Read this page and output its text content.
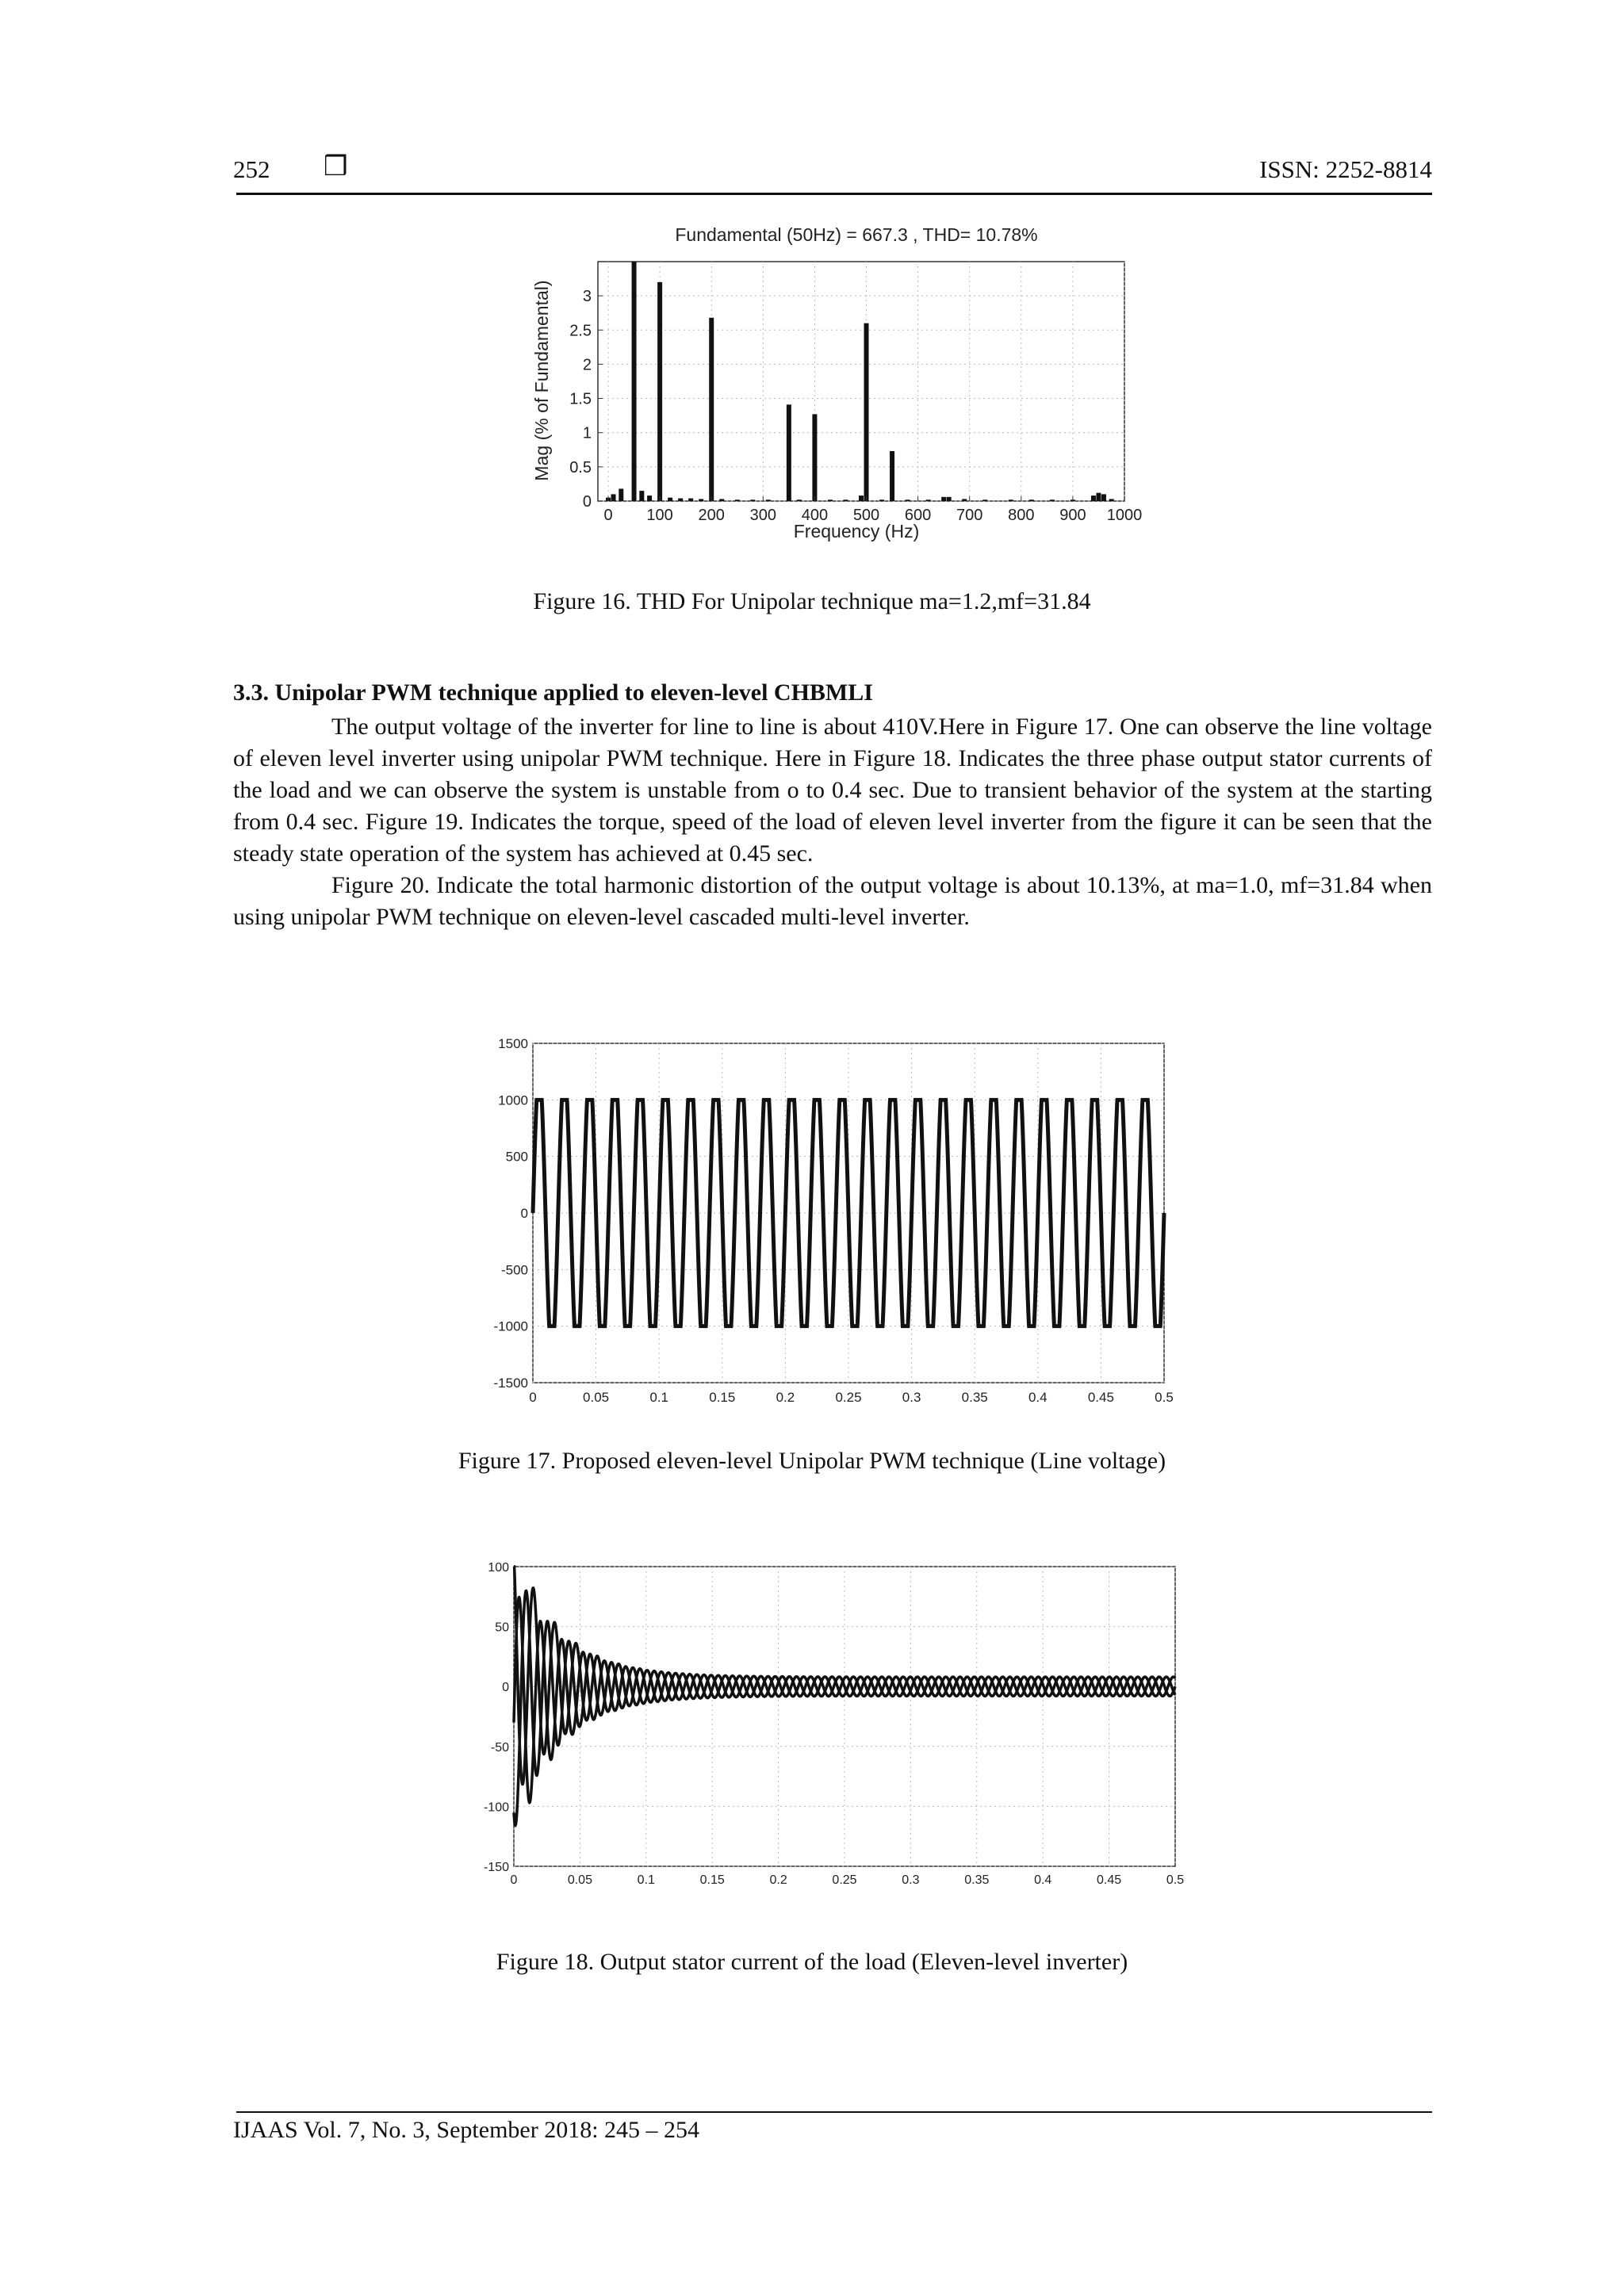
252 ❒	ISSN: 2252-8814
Fundamental (50Hz) = 667.3 , THD= 10.78%
0 100 200 300 400 500 600 700 800 900 1000
0
0.5
1
1.5
2
2.5
3
Frequency (Hz)
Mag (% of Fundamental)
Figure 16. THD For Unipolar technique ma=1.2,mf=31.84
3.3. Unipolar PWM technique applied to eleven-level CHBMLI

The output voltage of the inverter for line to line is about 410V.Here in Figure 17. One can observe the line voltage of eleven level inverter using unipolar PWM technique. Here in Figure 18. Indicates the three phase output stator currents of the load and we can observe the system is unstable from o to 0.4 sec. Due to transient behavior of the system at the starting from 0.4 sec. Figure 19. Indicates the torque, speed of the load of eleven level inverter from the figure it can be seen that the steady state operation of the system has achieved at 0.45 sec.

Figure 20. Indicate the total harmonic distortion of the output voltage is about 10.13%, at ma=1.0, mf=31.84 when using unipolar PWM technique on eleven-level cascaded multi-level inverter.

0	0.05	0.1	0.15	0.2	0.25	0.3	0.35	0.4	0.45	0.5
1500
1000
500
0
-500
-1000
-1500
Figure 17. Proposed eleven-level Unipolar PWM technique (Line voltage)
0	0.05	0.1	0.15	0.2	0.25	0.3	0.35	0.4	0.45	0.5
100
50
0
-50
-100
-150
Figure 18. Output stator current of the load (Eleven-level inverter)
IJAAS Vol. 7, No. 3, September 2018: 245 – 254
